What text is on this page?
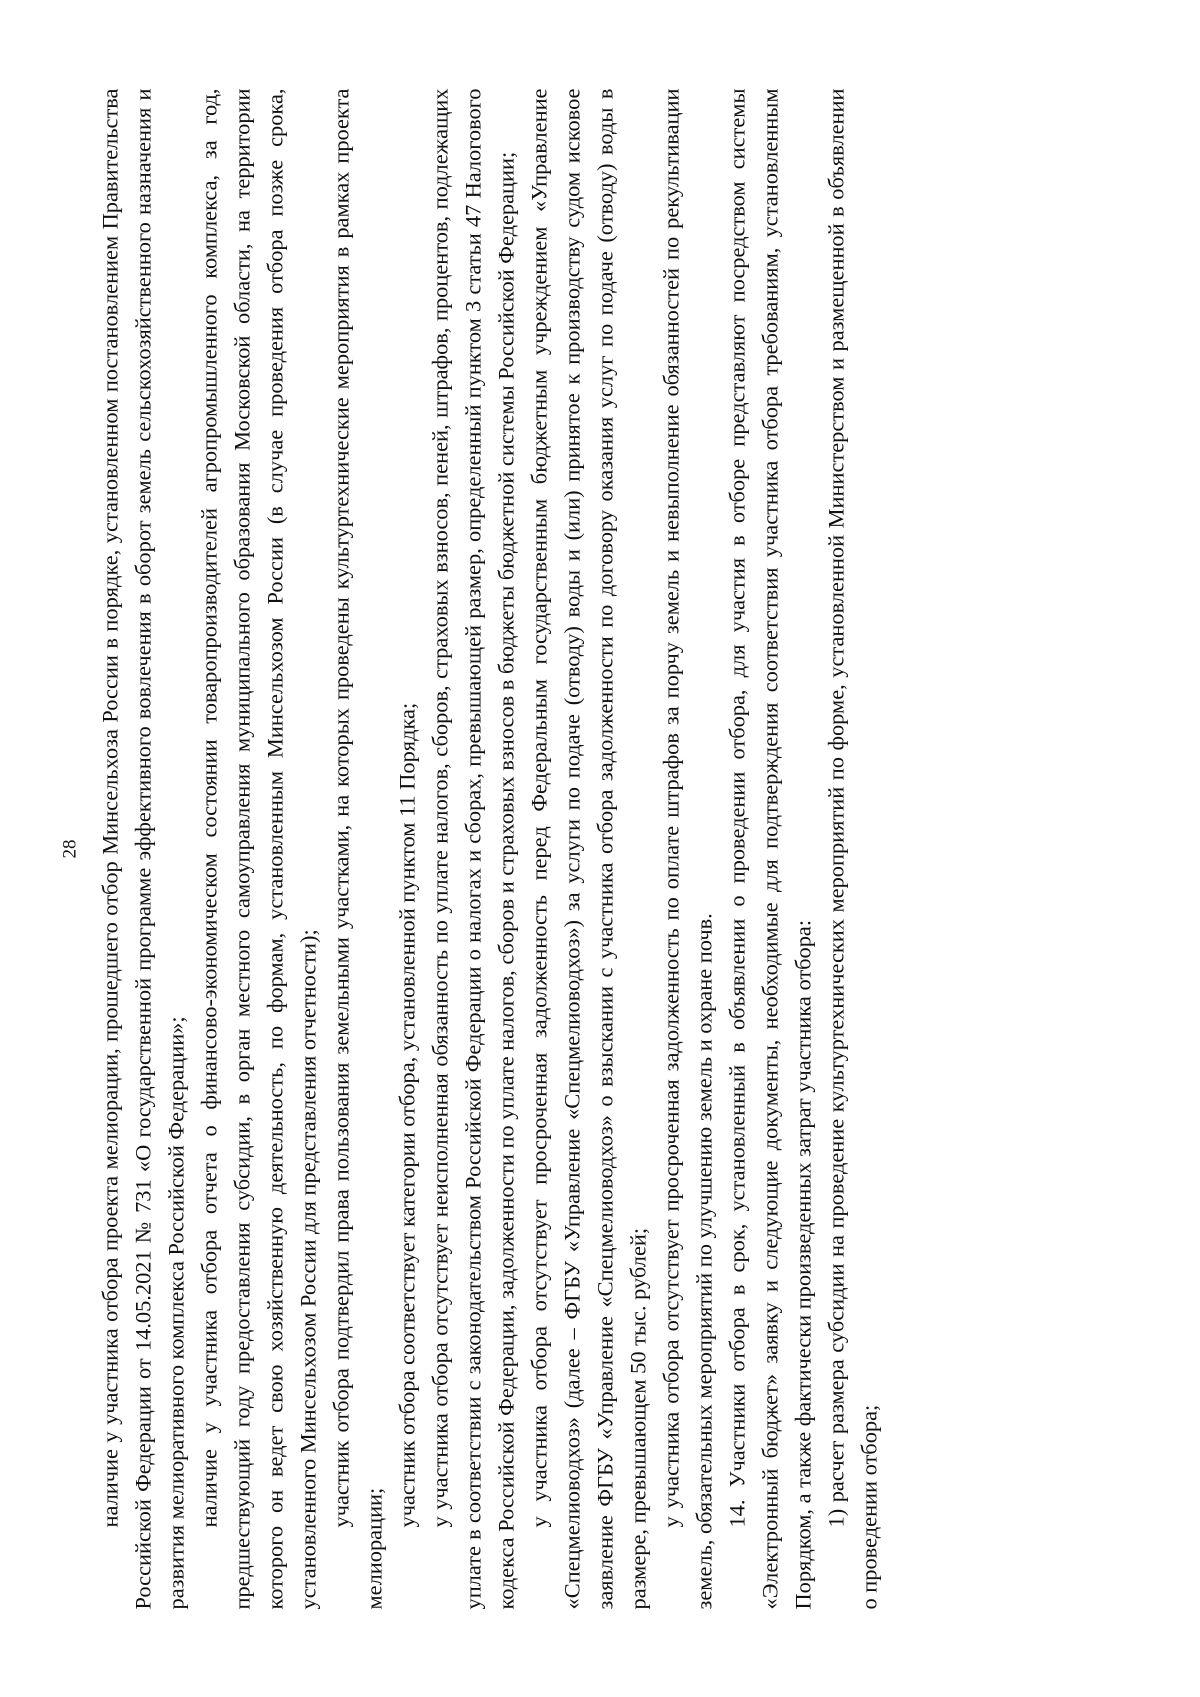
28 наличие у участника отбора проекта мелиорации, прошедшего отбор Минсельхоза России в порядке, установленном постановлением Правительства Российской Федерации от 14.05.2021 № 731 «О государственной программе эффективного вовлечения в оборот земель сельскохозяйственного назначения и развития мелиоративного комплекса Российской Федерации»; наличие у участника отбора отчета о финансово-экономическом состоянии товаропроизводителей агропромышленного комплекса, за год, предшествующий году предоставления субсидии, в орган местного самоуправления муниципального образования Московской области, на территории которого он ведет свою хозяйственную деятельность, по формам, установленным Минсельхозом России (в случае проведения отбора позже срока, установленного Минсельхозом России для представления отчетности); участник отбора подтвердил права пользования земельными участками, на которых проведены культуртехнические мероприятия в рамках проекта мелиорации;

участник отбора соответствует категории отбора, установленной пунктом 11 Порядка; у участника отбора отсутствует неисполненная обязанность по уплате налогов, сборов, страховых взносов, пеней, штрафов, процентов, подлежащих уплате в соответствии с законодательством Российской Федерации о налогах и сборах, превышающей размер, определенный пунктом 3 статьи 47 Налогового кодекса Российской Федерации, задолженности по уплате налогов, сборов и страховых взносов в бюджеты бюджетной системы Российской Федерации; у участника отбора отсутствует просроченная задолженность перед Федеральным государственным бюджетным учреждением «Управление «Спецмелиоводхоз» (далее – ФГБУ «Управление «Спецмелиоводхоз») за услуги по подаче (отводу) воды и (или) принятое к производству судом исковое заявление ФГБУ «Управление «Спецмелиоводхоз» о взыскании с участника отбора задолженности по договору оказания услуг по подаче (отводу) воды в размере, превышающем 50 тыс. рублей; у участника отбора отсутствует просроченная задолженность по оплате штрафов за порчу земель и невыполнение обязанностей по рекультивации земель, обязательных мероприятий по улучшению земель и охране почв. 14. Участники отбора в срок, установленный в объявлении о проведении отбора, для участия в отборе представляют посредством системы «Электронный бюджет» заявку и следующие документы, необходимые для подтверждения соответствия участника отбора требованиям, установленным Порядком, а также фактически произведенных затрат участника отбора: 1) расчет размера субсидии на проведение культуртехнических мероприятий по форме, установленной Министерством и размещенной в объявлении о проведении отбора;
